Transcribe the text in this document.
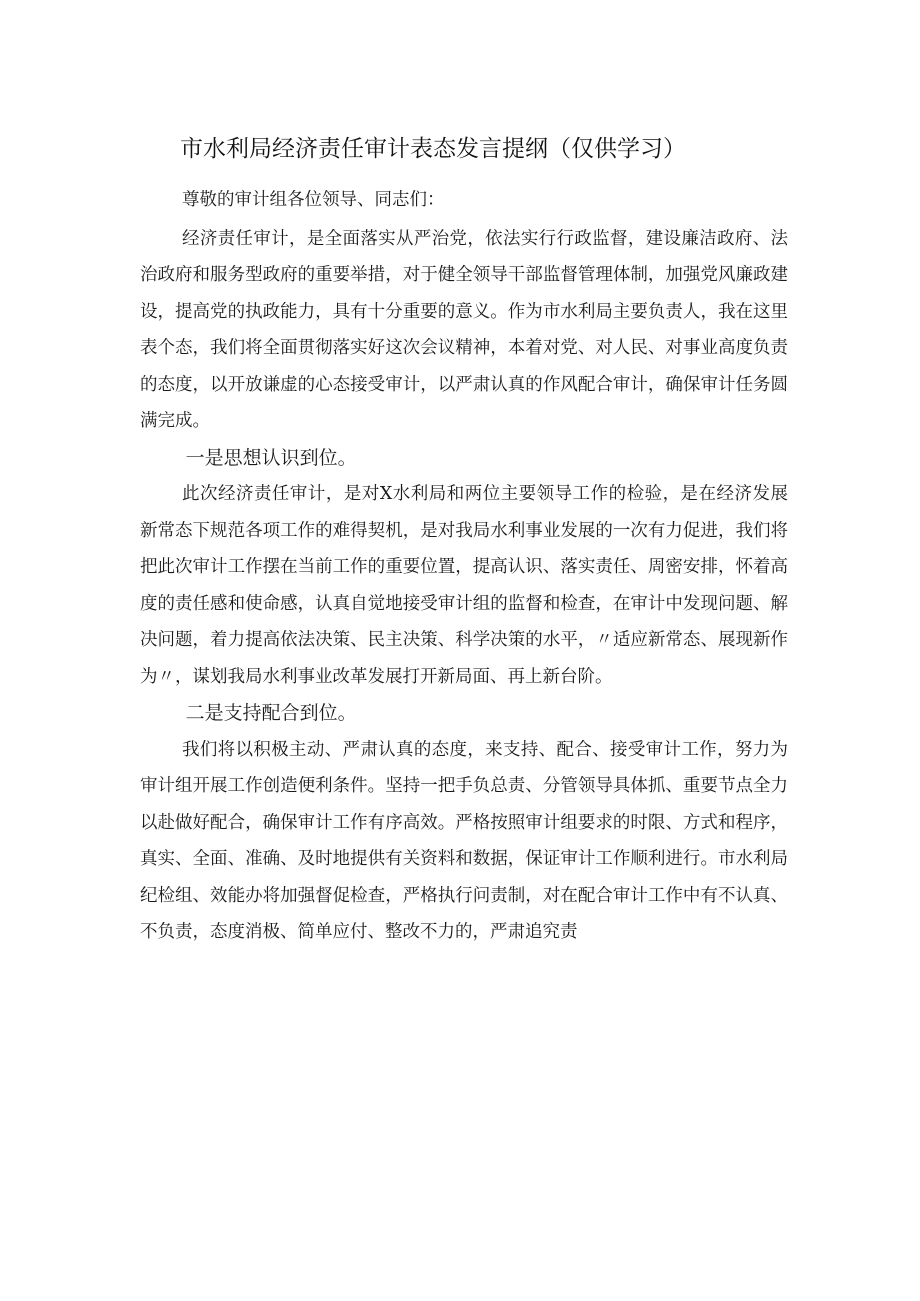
市水利局经济责任审计表态发言提纲（仅供学习）

尊敬的审计组各位领导、同志们：

经济责任审计，是全面落实从严治党，依法实行行政监督，建设廉洁政府、法治政府和服务型政府的重要举措，对于健全领导干部监督管理体制，加强党风廉政建设，提高党的执政能力，具有十分重要的意义。作为市水利局主要负责人，我在这里表个态，我们将全面贯彻落实好这次会议精神，本着对党、对人民、对事业高度负责的态度，以开放谦虚的心态接受审计，以严肃认真的作风配合审计，确保审计任务圆满完成。

一是思想认识到位。

此次经济责任审计，是对X水利局和两位主要领导工作的检验，是在经济发展新常态下规范各项工作的难得契机，是对我局水利事业发展的一次有力促进，我们将把此次审计工作摆在当前工作的重要位置，提高认识、落实责任、周密安排，怀着高度的责任感和使命感，认真自觉地接受审计组的监督和检查，在审计中发现问题、解决问题，着力提高依法决策、民主决策、科学决策的水平，〃适应新常态、展现新作为〃，谋划我局水利事业改革发展打开新局面、再上新台阶。

二是支持配合到位。

我们将以积极主动、严肃认真的态度，来支持、配合、接受审计工作，努力为审计组开展工作创造便利条件。坚持一把手负总责、分管领导具体抓、重要节点全力以赴做好配合，确保审计工作有序高效。严格按照审计组要求的时限、方式和程序，真实、全面、准确、及时地提供有关资料和数据，保证审计工作顺利进行。市水利局纪检组、效能办将加强督促检查，严格执行问责制，对在配合审计工作中有不认真、不负责，态度消极、简单应付、整改不力的，严肃追究责
